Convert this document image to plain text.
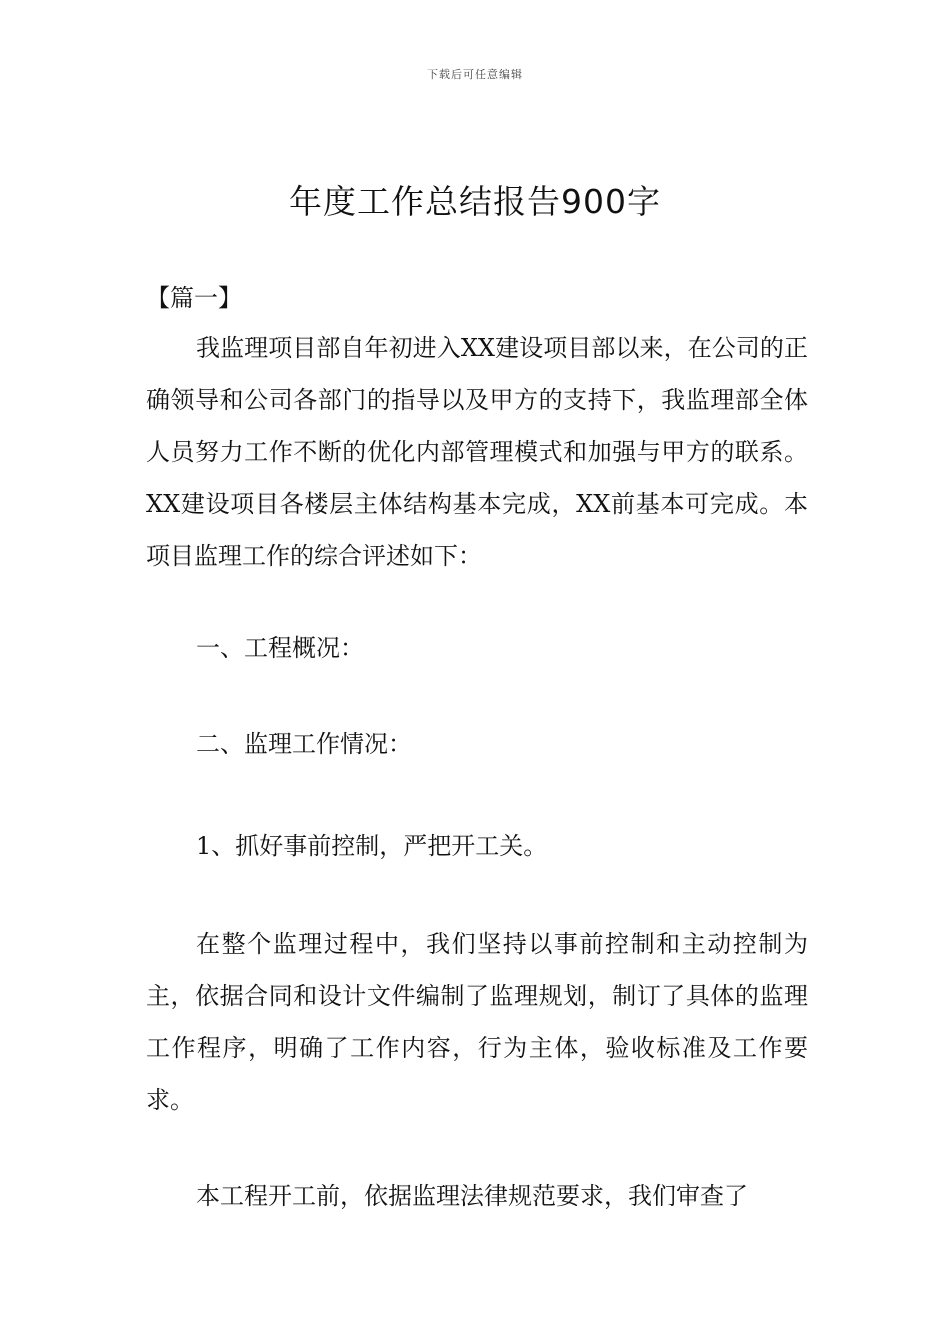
下载后可任意编辑
年度工作总结报告900字
【篇一】

我监理项目部自年初进入XX建设项目部以来，在公司的正确领导和公司各部门的指导以及甲方的支持下，我监理部全体人员努力工作不断的优化内部管理模式和加强与甲方的联系。XX建设项目各楼层主体结构基本完成，XX前基本可完成。本项目监理工作的综合评述如下：

一、工程概况：

二、监理工作情况：

1、抓好事前控制，严把开工关。

在整个监理过程中，我们坚持以事前控制和主动控制为主，依据合同和设计文件编制了监理规划，制订了具体的监理工作程序，明确了工作内容，行为主体，验收标准及工作要求。

本工程开工前，依据监理法律规范要求，我们审查了
